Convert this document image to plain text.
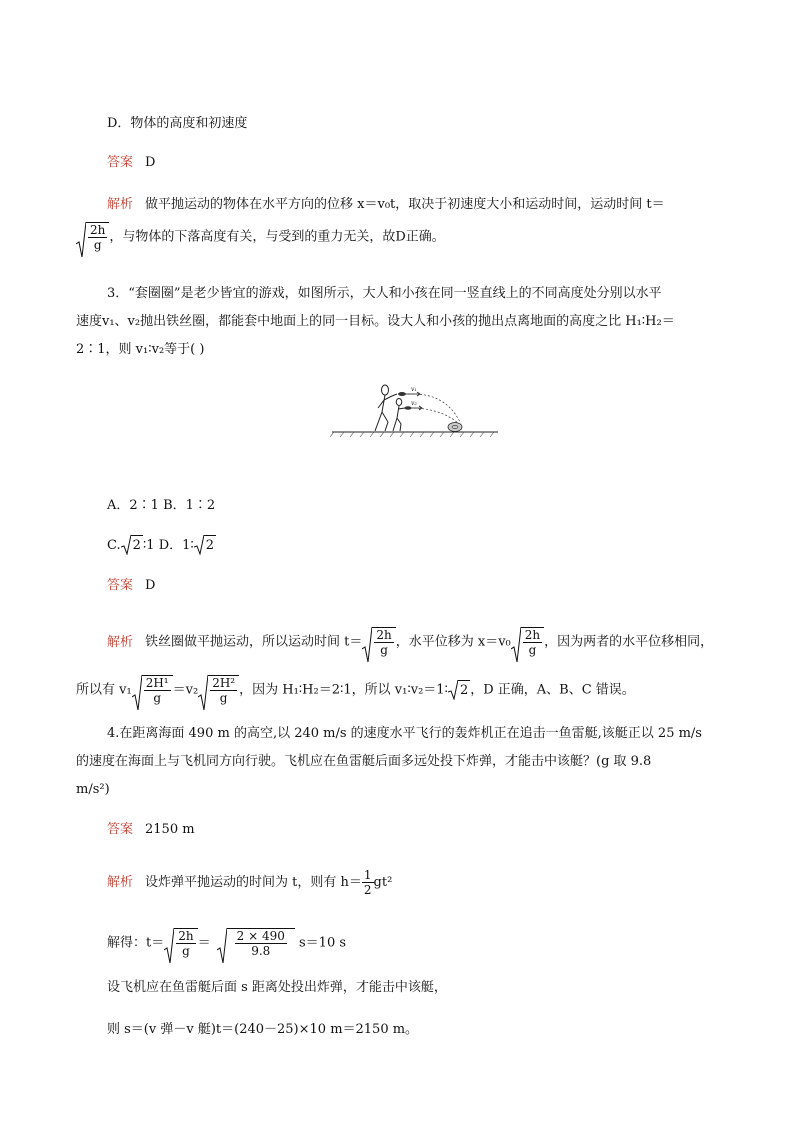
D．物体的高度和初速度
答案 D
解析 做平抛运动的物体在水平方向的位移 x＝v₀t，取决于初速度大小和运动时间，运动时间 t＝
$\frac{2h}{g}$ ，与物体的下落高度有关，与受到的重力无关，故D正确。
3．“套圈圈”是老少皆宜的游戏，如图所示，大人和小孩在同一竖直线上的不同高度处分别以水平
速度v₁、v₂抛出铁丝圈，都能套中地面上的同一目标。设大人和小孩的抛出点离地面的高度之比 H₁∶H₂＝
2∶1，则 v₁∶v₂等于( )
v₁
v₂
A．2∶1 B．1∶2
C. 2 ∶1 D．1∶ 2
答案 D
解析 铁丝圈做平抛运动，所以运动时间 $t= \frac{2h}{g}$ ，水平位移为 $x=v_0 \frac{2h}{g}$ ，因为两者的水平位移相同，
所以有 $v_1 \frac{\text{2H¹}}{g} =v_2 \frac{\text{2H²}}{g}$ ，因为 H₁∶H₂＝2∶1，所以 v₁∶v₂＝1∶ 2 ，D 正确，A、B、C 错误。
4.在距离海面 490 m 的高空,以 240 m/s 的速度水平飞行的轰炸机正在追击一鱼雷艇,该艇正以 25 m/s
的速度在海面上与飞机同方向行驶。飞机应在鱼雷艇后面多远处投下炸弹，才能击中该艇？(g 取 9.8
m/s²)
答案 2150 m
解析 设炸弹平抛运动的时间为 t，则有 $h= \frac{1}{2} gt^2$
解得：$t= \frac{2h}{g} = \frac{2 \times 490}{9.8} s=10$ s
设飞机应在鱼雷艇后面 s 距离处投出炸弹，才能击中该艇，
则 s＝(v 弹－v 艇)t＝(240－25)×10 m＝2150 m。
